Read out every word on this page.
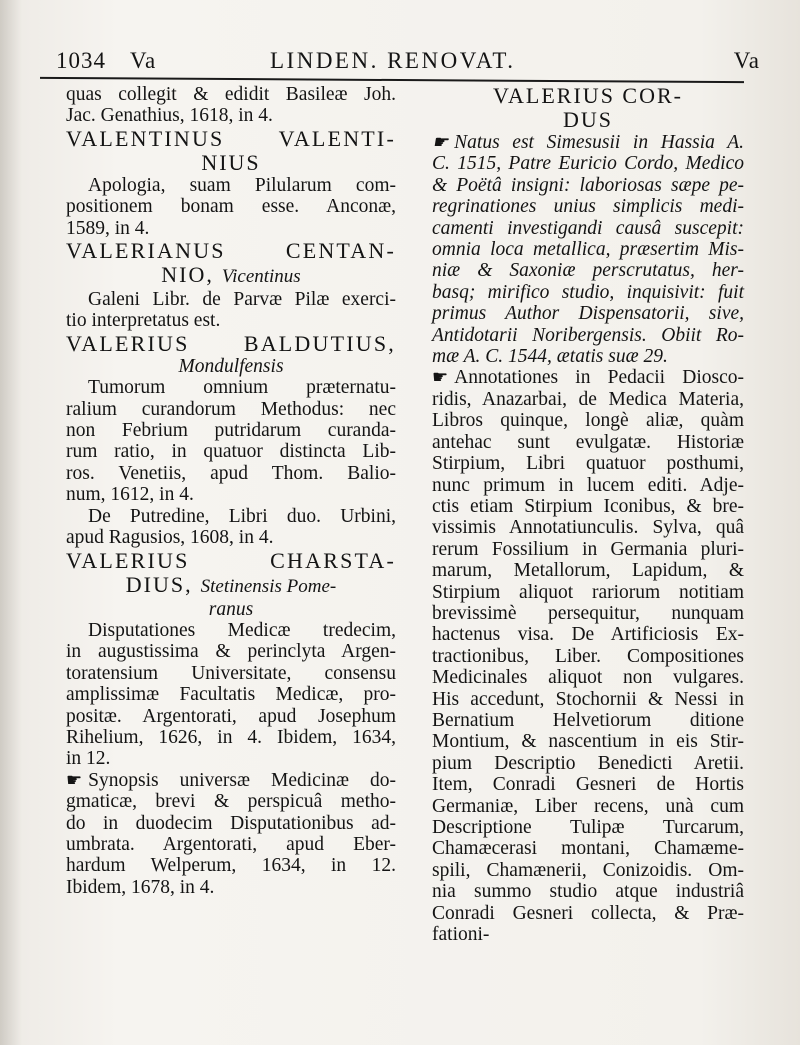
1034 Va	LINDEN. RENOVAT.	Va
quas collegit & edidit Basileæ Joh.
Jac. Genathius, 1618, in 4.
VALENTINUS VALENTI-
NIUS
Apologia, suam Pilularum com-
positionem bonam esse. Anconæ,
1589, in 4.
VALERIANUS CENTAN-
NIO, Vicentinus
Galeni Libr. de Parvæ Pilæ exerci-
tio interpretatus est.
VALERIUS BALDUTIUS,
Mondulfensis
Tumorum omnium præternatu-
ralium curandorum Methodus: nec
non Febrium putridarum curanda-
rum ratio, in quatuor distincta Lib-
ros. Venetiis, apud Thom. Balio-
num, 1612, in 4.
De Putredine, Libri duo. Urbini,
apud Ragusios, 1608, in 4.
VALERIUS CHARSTA-
DIUS, Stetinensis Pome-
ranus
Disputationes Medicæ tredecim,
in augustissima & perinclyta Argen-
toratensium Universitate, consensu
amplissimæ Facultatis Medicæ, pro-
positæ. Argentorati, apud Josephum
Rihelium, 1626, in 4. Ibidem, 1634,
in 12.
☛ Synopsis universæ Medicinæ do-
gmaticæ, brevi & perspicuâ metho-
do in duodecim Disputationibus ad-
umbrata. Argentorati, apud Eber-
hardum Welperum, 1634, in 12.
Ibidem, 1678, in 4.
VALERIUS COR-
DUS
☛ Natus est Simesusii in Hassia A.
C. 1515, Patre Euricio Cordo, Medico
& Poëtâ insigni: laboriosas sæpe pe-
regrinationes unius simplicis medi-
camenti investigandi causâ suscepit:
omnia loca metallica, præsertim Mis-
niæ & Saxoniæ perscrutatus, her-
basq; mirifico studio, inquisivit: fuit
primus Author Dispensatorii, sive,
Antidotarii Noribergensis. Obiit Ro-
mæ A. C. 1544, ætatis suæ 29.
☛ Annotationes in Pedacii Diosco-
ridis, Anazarbai, de Medica Materia,
Libros quinque, longè aliæ, quàm
antehac sunt evulgatæ. Historiæ
Stirpium, Libri quatuor posthumi,
nunc primum in lucem editi. Adje-
ctis etiam Stirpium Iconibus, & bre-
vissimis Annotatiunculis. Sylva, quâ
rerum Fossilium in Germania pluri-
marum, Metallorum, Lapidum, &
Stirpium aliquot rariorum notitiam
brevissimè persequitur, nunquam
hactenus visa. De Artificiosis Ex-
tractionibus, Liber. Compositiones
Medicinales aliquot non vulgares.
His accedunt, Stochornii & Nessi in
Bernatium Helvetiorum ditione
Montium, & nascentium in eis Stir-
pium Descriptio Benedicti Aretii.
Item, Conradi Gesneri de Hortis
Germaniæ, Liber recens, unà cum
Descriptione Tulipæ Turcarum,
Chamæcerasi montani, Chamæme-
spili, Chamænerii, Conizoidis. Om-
nia summo studio atque industriâ
Conradi Gesneri collecta, & Præ-
fationi-
